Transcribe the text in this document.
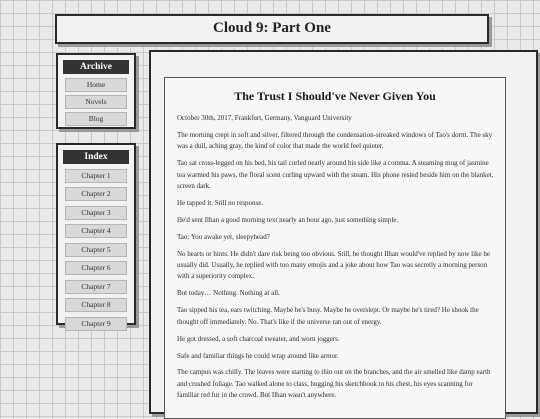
Cloud 9: Part One
Archive
Home
Novels
Blog
Index
Chapter 1
Chapter 2
Chapter 3
Chapter 4
Chapter 5
Chapter 6
Chapter 7
Chapter 8
Chapter 9
The Trust I Should've Never Given You

October 30th, 2017, Frankfurt, Germany, Vanguard University

The morning crept in soft and silver, filtered through the condensation-streaked windows of Tao's dorm. The sky was a dull, aching gray, the kind of color that made the world feel quieter.

Tao sat cross-legged on his bed, his tail curled neatly around his side like a comma. A steaming mug of jasmine tea warmed his paws, the floral scent curling upward with the steam. His phone rested beside him on the blanket, screen dark.

He tapped it. Still no response.

He'd sent Ilhan a good morning text nearly an hour ago, just something simple.

Tao: You awake yet, sleepyhead?

No hearts or hints. He didn't dare risk being too obvious. Still, he thought Ilhan would've replied by now like he usually did. Usually, he replied with too many emojis and a joke about how Tao was secretly a morning person with a superiority complex.

But today… Nothing. Nothing at all.

Tao sipped his tea, ears twitching. Maybe he's busy. Maybe he overslept. Or maybe he's tired? He shook the thought off immediately. No. That's like if the universe ran out of energy.

He got dressed, a soft charcoal sweater, and worn joggers.

Safe and familiar things he could wrap around like armor.

The campus was chilly. The leaves were starting to thin out on the branches, and the air smelled like damp earth and crushed foliage. Tao walked alone to class, hugging his sketchbook to his chest, his eyes scanning for familiar red fur in the crowd. But Ilhan wasn't anywhere.
